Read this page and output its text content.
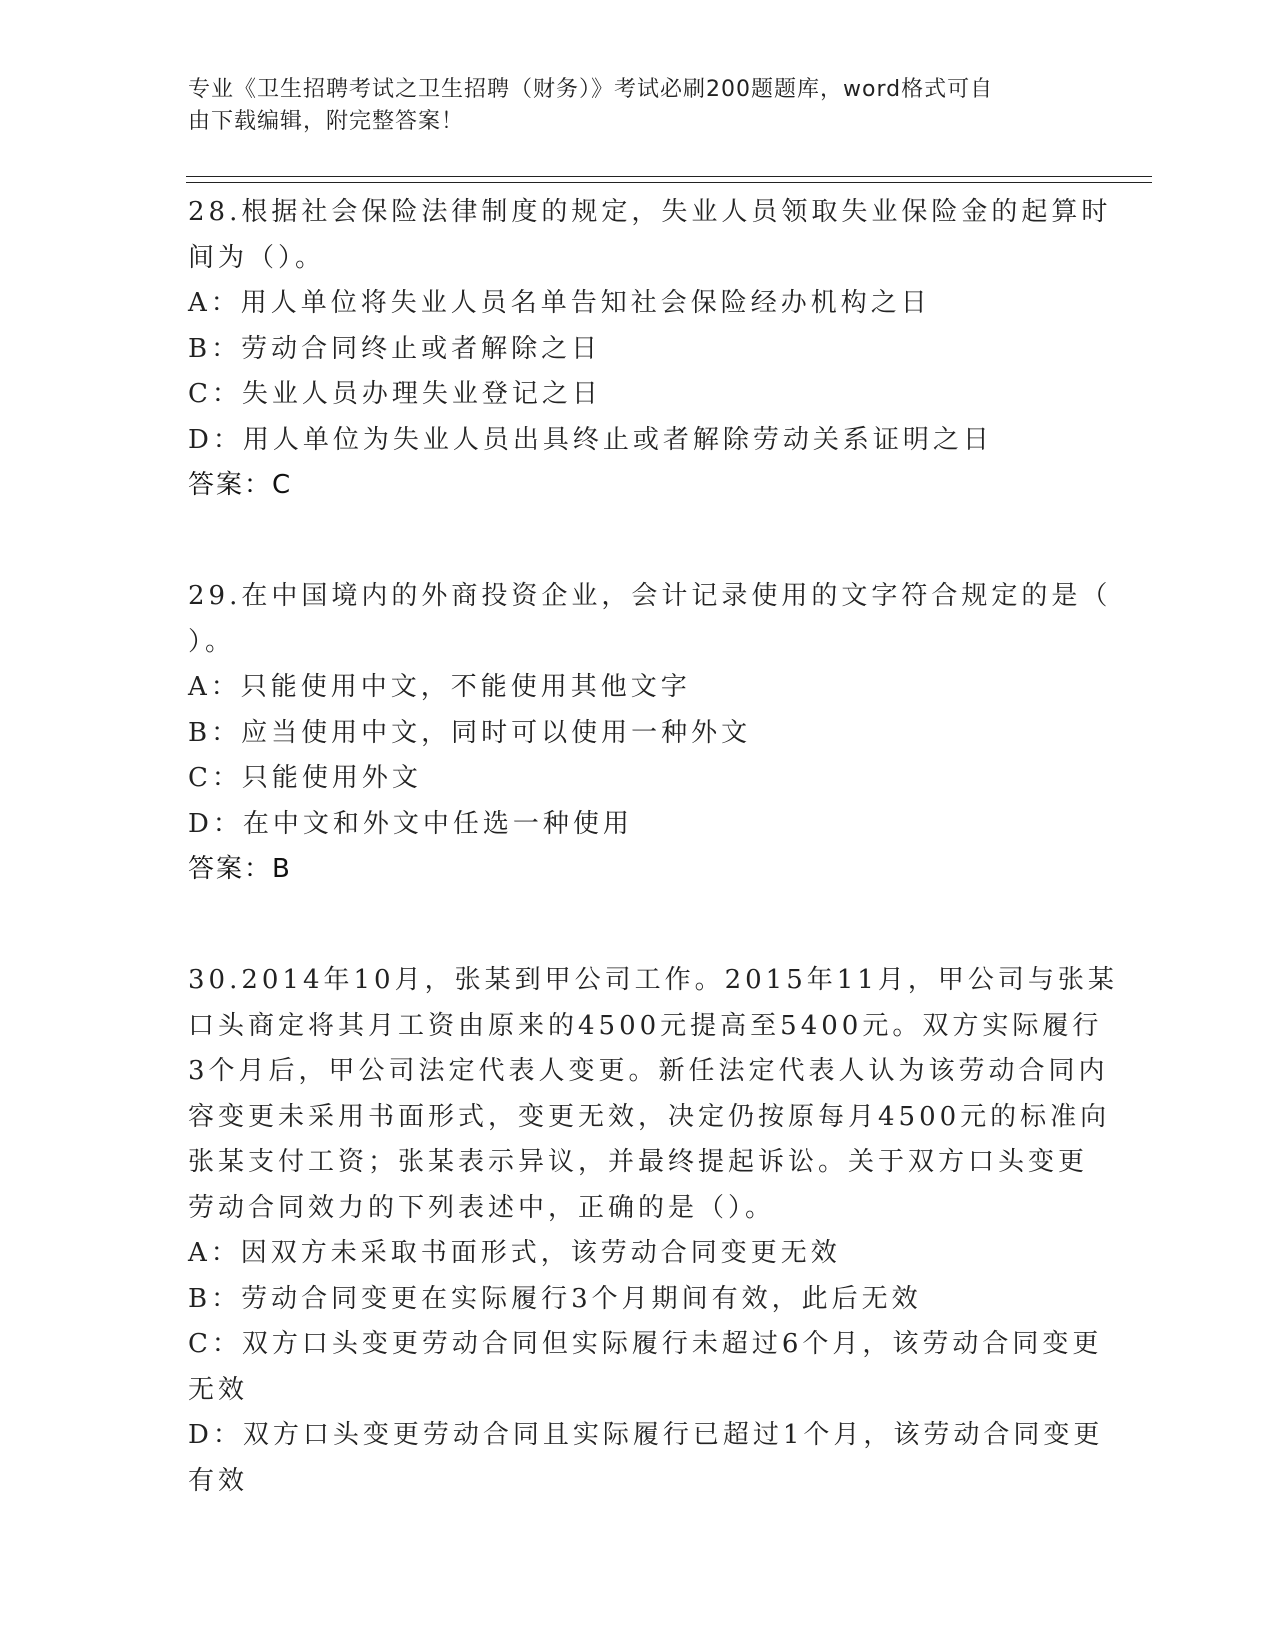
专业《卫生招聘考试之卫生招聘（财务）》考试必刷200题题库，word格式可自
由下载编辑，附完整答案！
28.根据社会保险法律制度的规定，失业人员领取失业保险金的起算时
间为（）。
A：用人单位将失业人员名单告知社会保险经办机构之日
B：劳动合同终止或者解除之日
C：失业人员办理失业登记之日
D：用人单位为失业人员出具终止或者解除劳动关系证明之日
答案：C
29.在中国境内的外商投资企业，会计记录使用的文字符合规定的是（
）。
A：只能使用中文，不能使用其他文字
B：应当使用中文，同时可以使用一种外文
C：只能使用外文
D：在中文和外文中任选一种使用
答案：B
30.2014年10月，张某到甲公司工作。2015年11月，甲公司与张某
口头商定将其月工资由原来的4500元提高至5400元。双方实际履行
3个月后，甲公司法定代表人变更。新任法定代表人认为该劳动合同内
容变更未采用书面形式，变更无效，决定仍按原每月4500元的标准向
张某支付工资；张某表示异议，并最终提起诉讼。关于双方口头变更
劳动合同效力的下列表述中，正确的是（）。
A：因双方未采取书面形式，该劳动合同变更无效
B：劳动合同变更在实际履行3个月期间有效，此后无效
C：双方口头变更劳动合同但实际履行未超过6个月，该劳动合同变更
无效
D：双方口头变更劳动合同且实际履行已超过1个月，该劳动合同变更
有效
